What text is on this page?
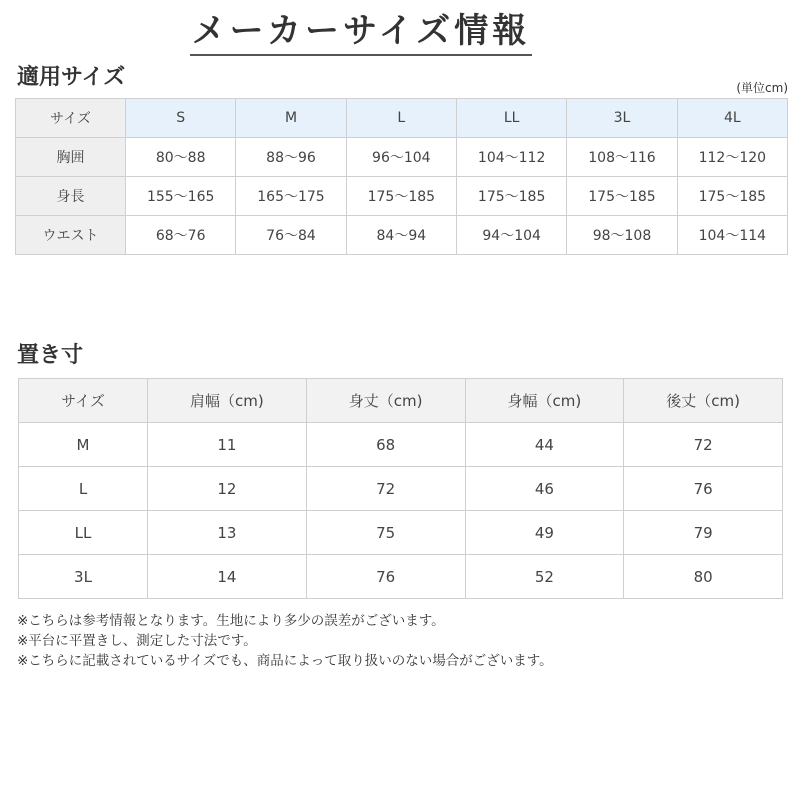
メーカーサイズ情報
適用サイズ	(単位cm)
サイズ	S	M	L	LL	3L	4L
胸囲	80〜88	88〜96	96〜104	104〜112	108〜116	112〜120
身長	155〜165	165〜175	175〜185	175〜185	175〜185	175〜185
ウエスト	68〜76	76〜84	84〜94	94〜104	98〜108	104〜114
置き寸
サイズ	肩幅（cm)	身丈（cm)	身幅（cm)	後丈（cm)
M	11	68	44	72
L	12	72	46	76
LL	13	75	49	79
3L	14	76	52	80
※こちらは参考情報となります。生地により多少の誤差がございます。
※平台に平置きし、測定した寸法です。
※こちらに記載されているサイズでも、商品によって取り扱いのない場合がございます。
